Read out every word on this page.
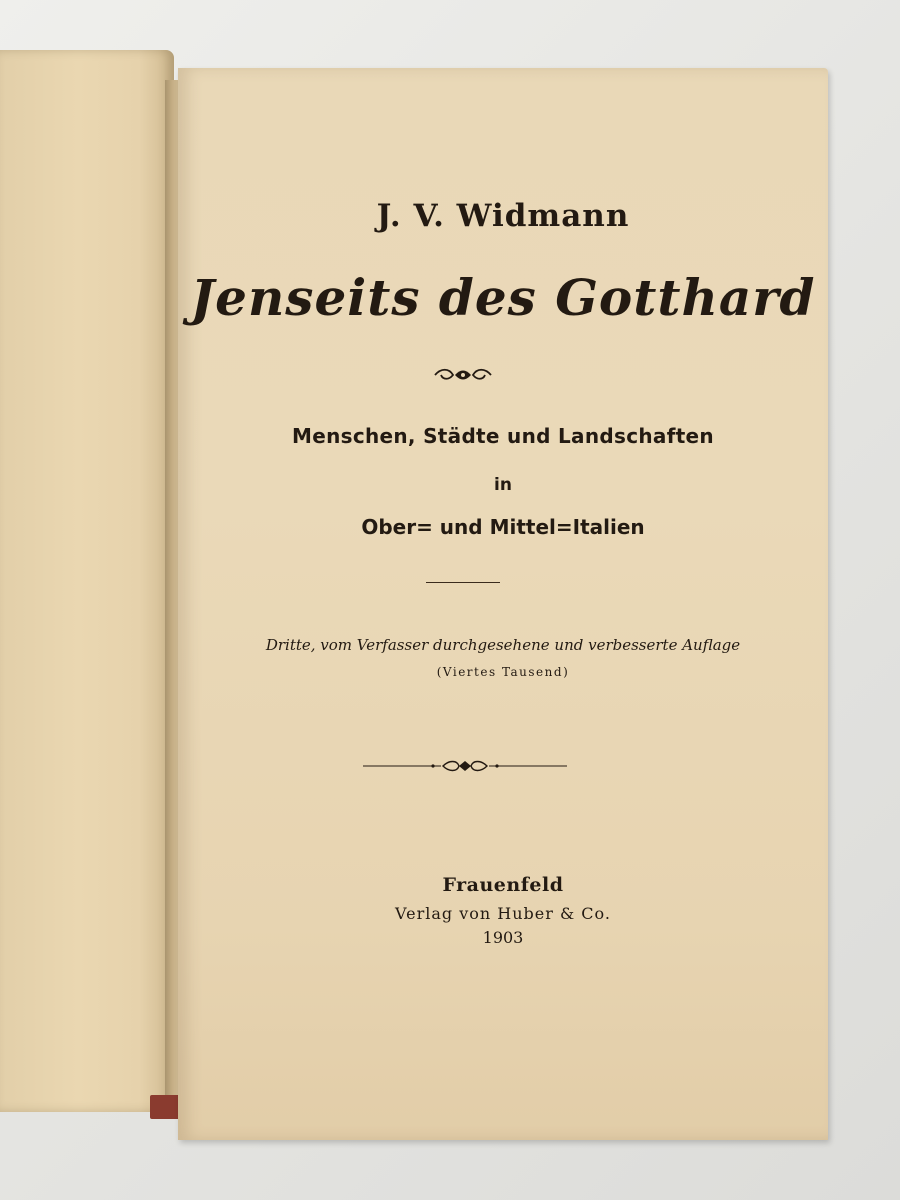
J. V. Widmann
Jenseits des Gotthard
Menschen, Städte und Landschaften
in
Ober= und Mittel=Italien
Dritte, vom Verfasser durchgesehene und verbesserte Auflage
(Viertes Tausend)
Frauenfeld
Verlag von Huber & Co.
1903
